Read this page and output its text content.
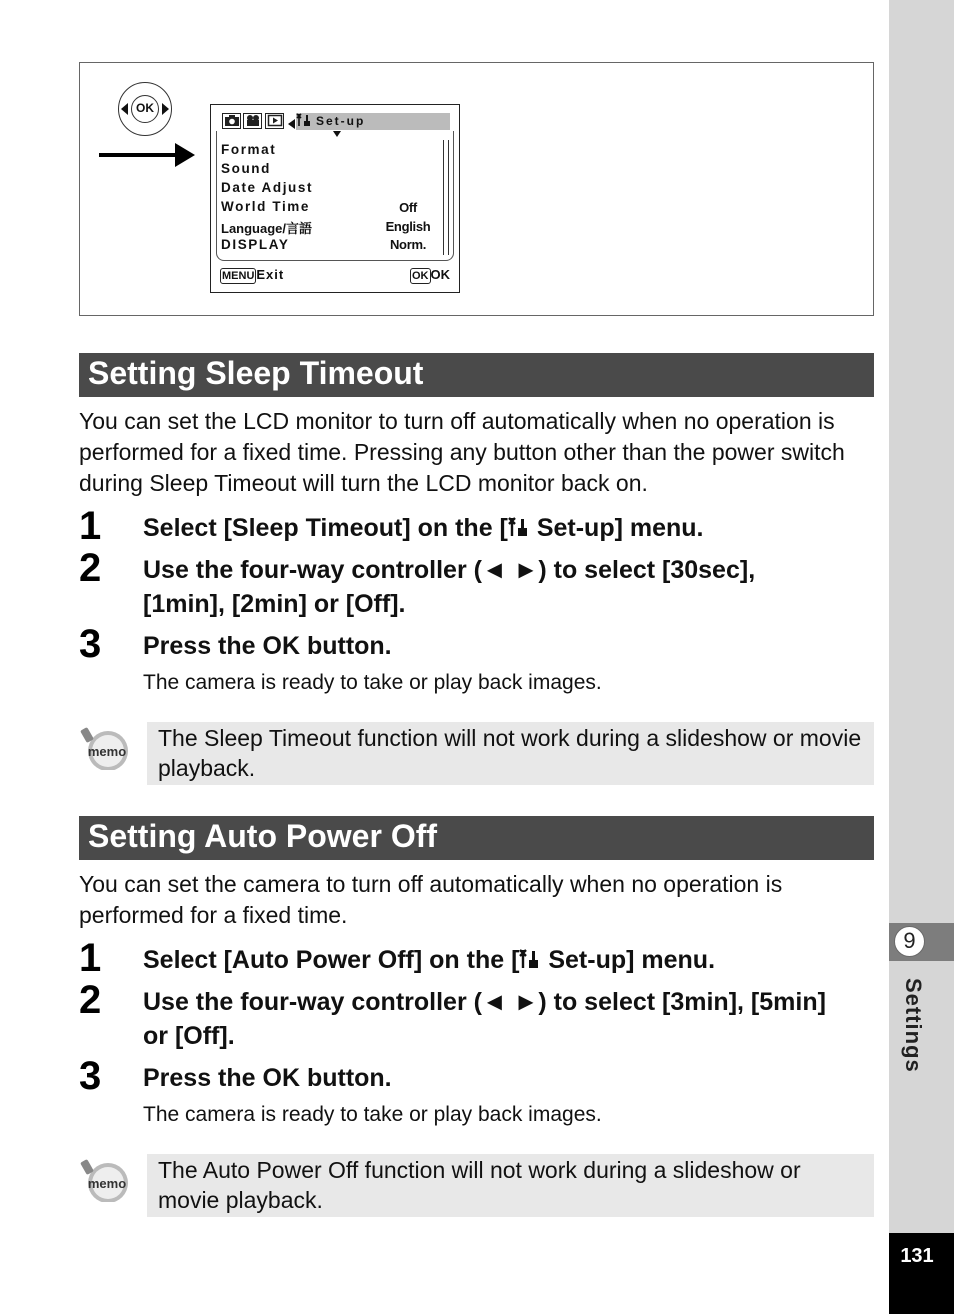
9
Settings
131
OK
Set-up
Format
Sound
Date Adjust
World Time
Language/言語
DISPLAY
Off
English
Norm.
MENU Exit	OK OK
Setting Sleep Timeout
You can set the LCD monitor to turn off automatically when no operation is performed for a fixed time. Pressing any button other than the power switch during Sleep Timeout will turn the LCD monitor back on.
1 Select [Sleep Timeout] on the [ Set-up] menu.
2 Use the four-way controller (◄ ►) to select [30sec], [1min], [2min] or [Off].
3 Press the OK button.
The camera is ready to take or play back images.
memo
The Sleep Timeout function will not work during a slideshow or movie playback.
Setting Auto Power Off
You can set the camera to turn off automatically when no operation is performed for a fixed time.
1 Select [Auto Power Off] on the [ Set-up] menu.
2 Use the four-way controller (◄ ►) to select [3min], [5min] or [Off].
3 Press the OK button.
The camera is ready to take or play back images.
memo
The Auto Power Off function will not work during a slideshow or movie playback.
